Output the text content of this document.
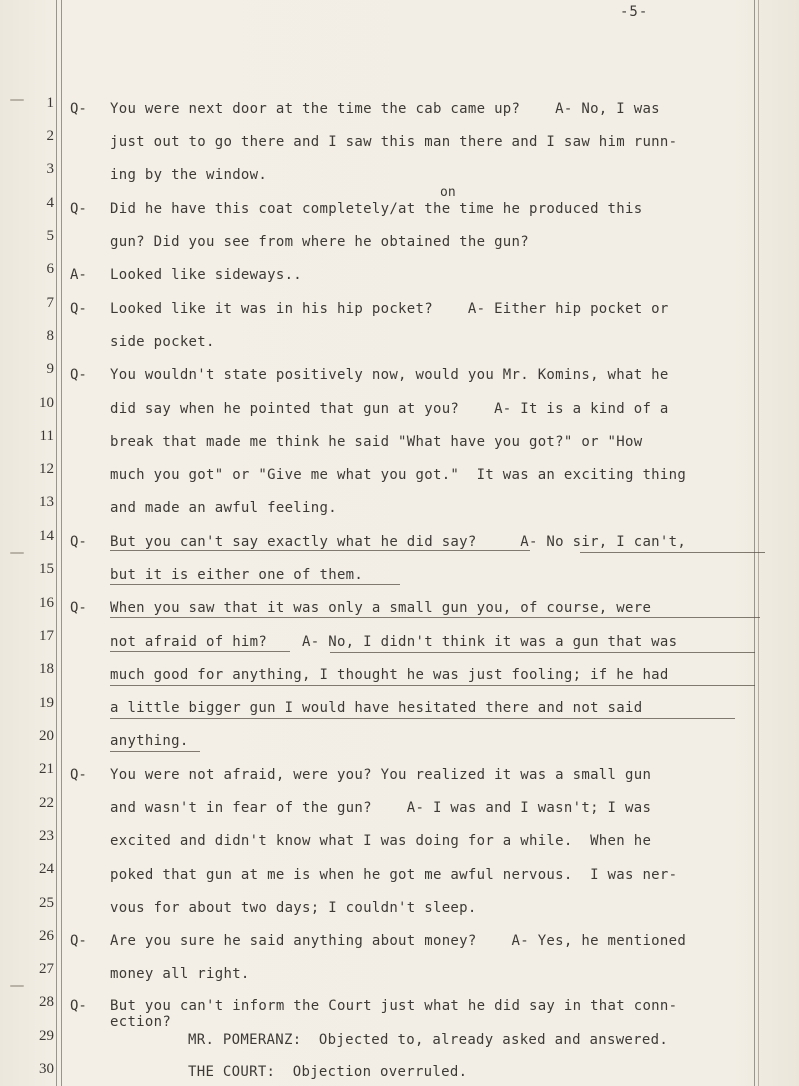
-5-
1
2
3
4
5
6
7
8
9
10
11
12
13
14
15
16
17
18
19
20
21
22
23
24
25
26
27
28
29
30
Q-
Q-
A-
Q-
Q-
Q-
Q-
Q-
Q-
Q-
on
You were next door at the time the cab came up?    A- No, I was
just out to go there and I saw this man there and I saw him runn-
ing by the window.
Did he have this coat completely/at the time he produced this
gun? Did you see from where he obtained the gun?
Looked like sideways..
Looked like it was in his hip pocket?    A- Either hip pocket or
side pocket.
You wouldn't state positively now, would you Mr. Komins, what he
did say when he pointed that gun at you?    A- It is a kind of a
break that made me think he said "What have you got?" or "How
much you got" or "Give me what you got."  It was an exciting thing
and made an awful feeling.
But you can't say exactly what he did say?     A- No sir, I can't,
but it is either one of them.
When you saw that it was only a small gun you, of course, were
not afraid of him?    A- No, I didn't think it was a gun that was
much good for anything, I thought he was just fooling; if he had
a little bigger gun I would have hesitated there and not said
anything.
You were not afraid, were you? You realized it was a small gun
and wasn't in fear of the gun?    A- I was and I wasn't; I was
excited and didn't know what I was doing for a while.  When he
poked that gun at me is when he got me awful nervous.  I was ner-
vous for about two days; I couldn't sleep.
Are you sure he said anything about money?    A- Yes, he mentioned
money all right.
But you can't inform the Court just what he did say in that conn-
ection?
MR. POMERANZ:  Objected to, already asked and answered.
THE COURT:  Objection overruled.
